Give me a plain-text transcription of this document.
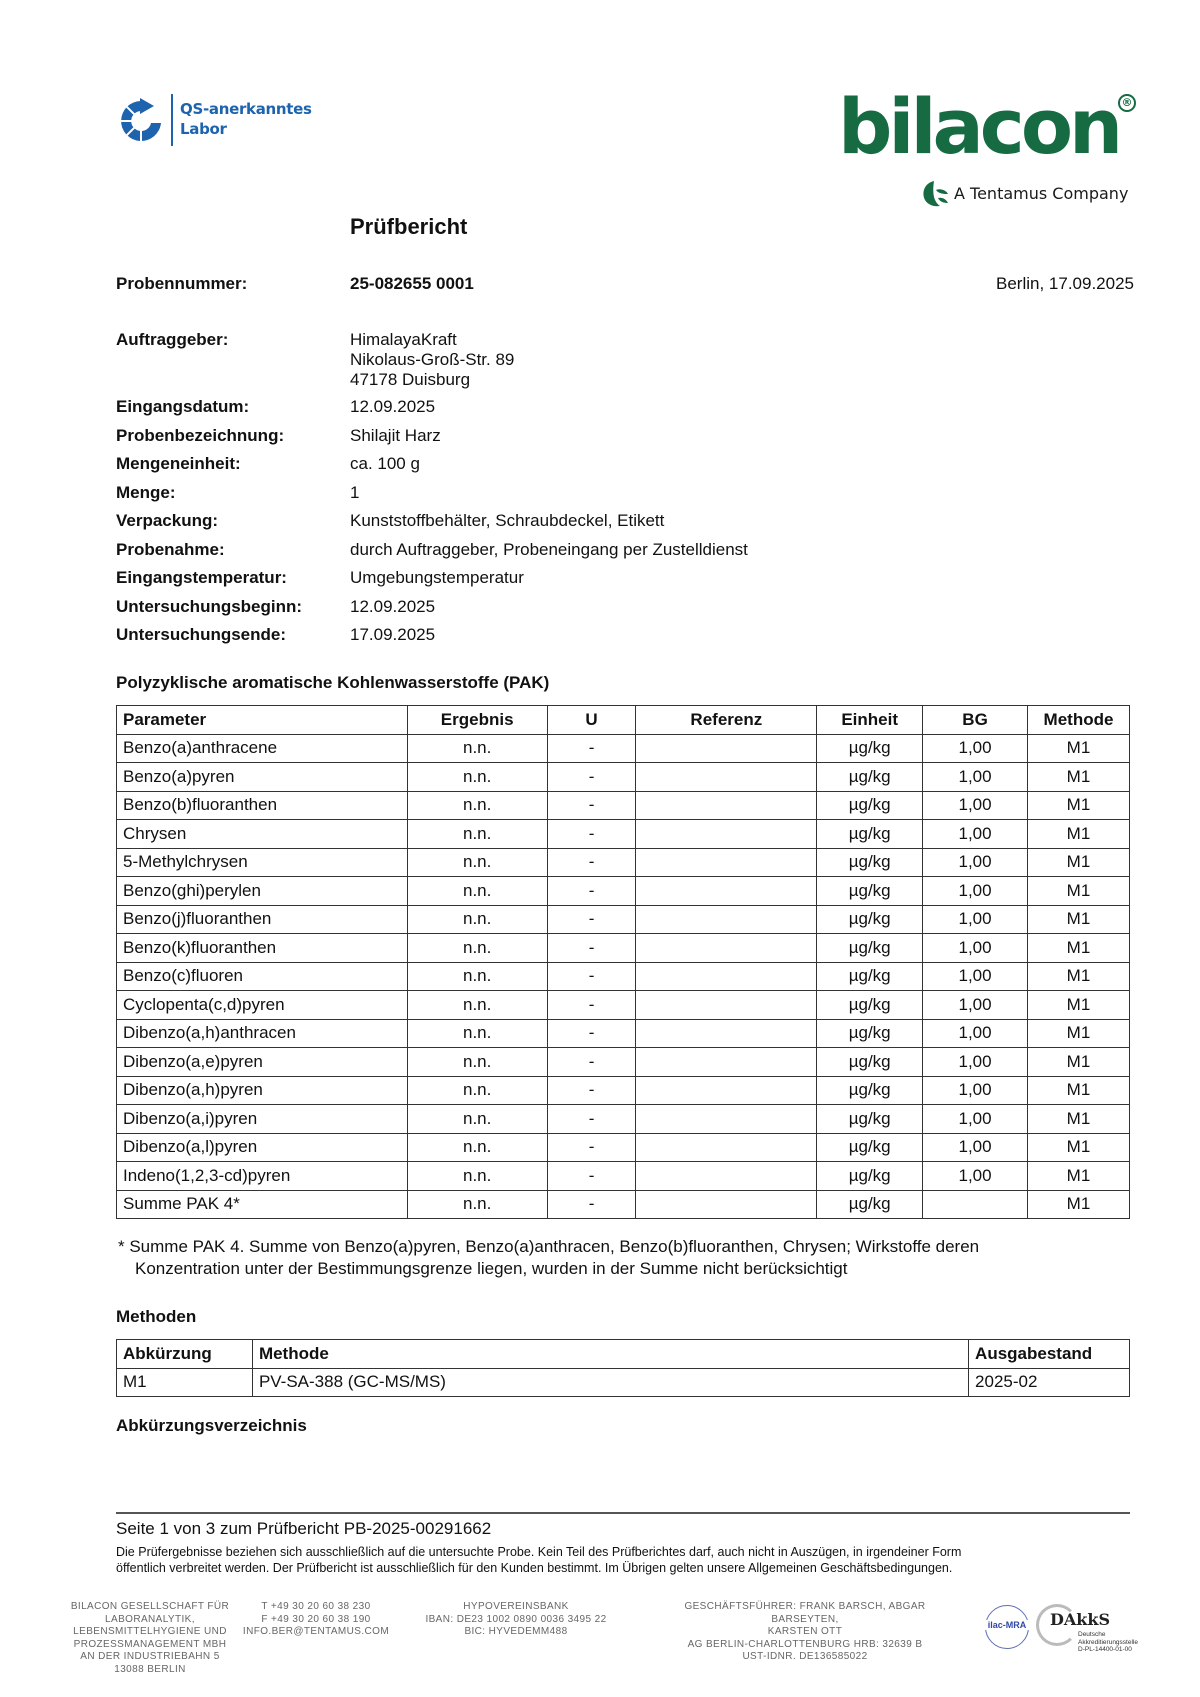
QS-anerkanntes
Labor	bilacon ®
A Tentamus Company
Prüfbericht
Probennummer:	25-082655 0001	Berlin, 17.09.2025
Auftraggeber:	HimalayaKraft
Nikolaus-Groß-Str. 89
47178 Duisburg
Eingangsdatum:	12.09.2025
Probenbezeichnung:	Shilajit Harz
Mengeneinheit:	ca. 100 g
Menge:	1
Verpackung:	Kunststoffbehälter, Schraubdeckel, Etikett
Probenahme:	durch Auftraggeber, Probeneingang per Zustelldienst
Eingangstemperatur:	Umgebungstemperatur
Untersuchungsbeginn:	12.09.2025
Untersuchungsende:	17.09.2025
Polyzyklische aromatische Kohlenwasserstoffe (PAK)
Parameter	Ergebnis	U	Referenz	Einheit	BG	Methode
Benzo(a)anthracene	n.n.	-		µg/kg	1,00	M1
Benzo(a)pyren	n.n.	-		µg/kg	1,00	M1
Benzo(b)fluoranthen	n.n.	-		µg/kg	1,00	M1
Chrysen	n.n.	-		µg/kg	1,00	M1
5-Methylchrysen	n.n.	-		µg/kg	1,00	M1
Benzo(ghi)perylen	n.n.	-		µg/kg	1,00	M1
Benzo(j)fluoranthen	n.n.	-		µg/kg	1,00	M1
Benzo(k)fluoranthen	n.n.	-		µg/kg	1,00	M1
Benzo(c)fluoren	n.n.	-		µg/kg	1,00	M1
Cyclopenta(c,d)pyren	n.n.	-		µg/kg	1,00	M1
Dibenzo(a,h)anthracen	n.n.	-		µg/kg	1,00	M1
Dibenzo(a,e)pyren	n.n.	-		µg/kg	1,00	M1
Dibenzo(a,h)pyren	n.n.	-		µg/kg	1,00	M1
Dibenzo(a,i)pyren	n.n.	-		µg/kg	1,00	M1
Dibenzo(a,l)pyren	n.n.	-		µg/kg	1,00	M1
Indeno(1,2,3-cd)pyren	n.n.	-		µg/kg	1,00	M1
Summe PAK 4*	n.n.	-		µg/kg		M1
* Summe PAK 4. Summe von Benzo(a)pyren, Benzo(a)anthracen, Benzo(b)fluoranthen, Chrysen; Wirkstoffe deren
Konzentration unter der Bestimmungsgrenze liegen, wurden in der Summe nicht berücksichtigt
Methoden
Abkürzung	Methode	Ausgabestand
M1	PV-SA-388 (GC-MS/MS)	2025-02
Abkürzungsverzeichnis
Seite 1 von 3 zum Prüfbericht PB-2025-00291662
Die Prüfergebnisse beziehen sich ausschließlich auf die untersuchte Probe. Kein Teil des Prüfberichtes darf, auch nicht in Auszügen, in irgendeiner Form
öffentlich verbreitet werden. Der Prüfbericht ist ausschließlich für den Kunden bestimmt. Im Übrigen gelten unsere Allgemeinen Geschäftsbedingungen.
BILACON GESELLSCHAFT FÜR
LABORANALYTIK,
LEBENSMITTELHYGIENE UND
PROZESSMANAGEMENT MBH
AN DER INDUSTRIEBAHN 5
13088 BERLIN
T +49 30 20 60 38 230
F +49 30 20 60 38 190
INFO.BER@TENTAMUS.COM
HYPOVEREINSBANK
IBAN: DE23 1002 0890 0036 3495 22
BIC: HYVEDEMM488
GESCHÄFTSFÜHRER: FRANK BARSCH, ABGAR BARSEYTEN,
KARSTEN OTT
AG BERLIN-CHARLOTTENBURG HRB: 32639 B
UST-IDNR. DE136585022
ilac-MRA DAkkS
Deutsche
Akkreditierungsstelle
D-PL-14400-01-00
